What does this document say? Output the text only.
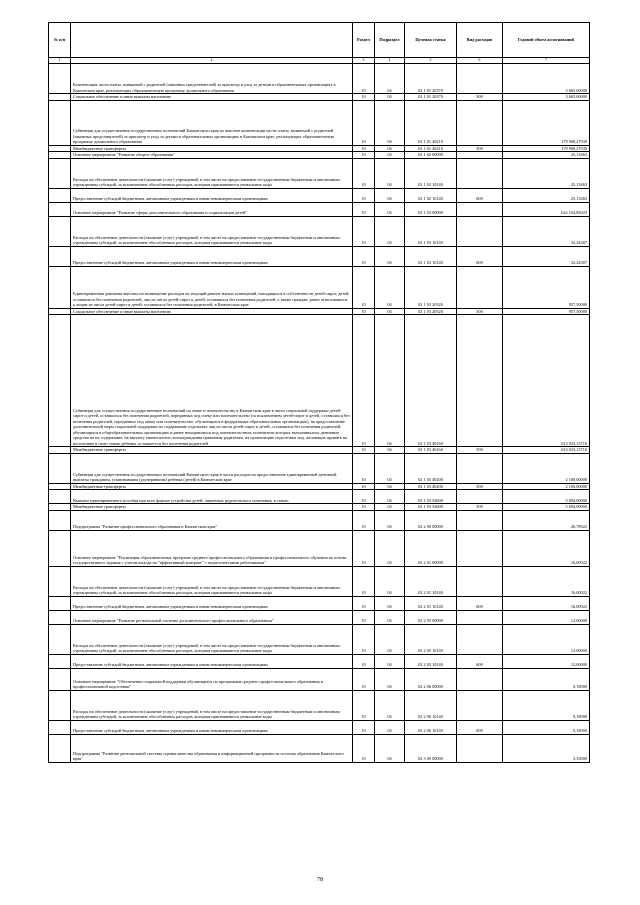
№ п/п		Раздел	Подраздел	Целевая статья	Вид расходов	Годовой объем ассигнований
1	2	3	4	5	6	7
	Компенсация части платы, взимаемой с родителей (законных представителей) за присмотр и уход за детьми в образовательных организациях в Камчатском крае, реализующих образовательную программу дошкольного образования	10	04	02 1 01 20370		3 665,60000
	Социальное обеспечение и иные выплаты населению	10	04	02 1 01 20370	300	3 665,60000
	Субвенции для осуществления государственных полномочий Камчатского края по выплате компенсации части платы, взимаемой с родителей (законных представителей) за присмотр и уход за детьми в образовательных организациях в Камчатском крае, реализующих образовательную программу дошкольного образования	10	04	02 1 01 40210		179 908,27939
	Межбюджетные трансферты	10	04	02 1 01 40210	500	179 908,27939
	Основное мероприятие "Развитие общего образования"	10	04	02 1 02 00000		25,13463
	Расходы на обеспечение деятельности (оказание услуг) учреждений, в том числе на предоставление государственным бюджетным и автономным учреждениям субсидий, за исключением обособленных расходов, которым присваиваются уникальные коды	10	04	02 1 02 10140		25,13463
	Предоставление субсидий бюджетным, автономным учреждениям и иным некоммерческим организациям	10	04	02 1 02 10140	600	25,13463
	Основное мероприятие "Развитие сферы дополнительного образования и социализации детей"	10	04	02 1 03 00000		622 104,85023
	Расходы на обеспечение деятельности (оказание услуг) учреждений, в том числе на предоставление государственным бюджетным и автономным учреждениям субсидий, за исключением обособленных расходов, которым присваиваются уникальные коды	10	04	02 1 03 10140		32,24307
	Предоставление субсидий бюджетным, автономным учреждениям и иным некоммерческим организациям	10	04	02 1 03 10140	600	32,24307
	Единовременная денежная выплата на возмещение расходов на текущий ремонт жилых помещений, находящихся в собственности детей-сирот, детей, оставшихся без попечения родителей, лиц из числа детей-сирот и детей, оставшихся без попечения родителей, а также граждан, ранее относившихся к лицам из числа детей-сирот и детей, оставшихся без попечения родителей, в Камчатском крае	10	04	02 1 03 20320		957,50000
	Социальное обеспечение и иные выплаты населению	10	04	02 1 03 20320	300	957,50000
	Субвенции для осуществления государственных полномочий по опеке и попечительству в Камчатском крае в части социальной поддержки детей-сирот и детей, оставшихся без попечения родителей, переданных под опеку или попечительство (за исключением детей-сирот и детей, оставшихся без попечения родителей, переданных под опеку или попечительство, обучающихся в федеральных образовательных организациях), на предоставление дополнительной меры социальной поддержки по содержанию отдельных лиц из числа детей-сирот и детей, оставшихся без попечения родителей, обучающихся в общеобразовательных организациях и ранее находившихся под попечительством, попечители которых выплачивались денежные средства на их содержание, на выплату ежемесячного вознаграждения приемным родителям, на организацию подготовки лиц, желающих принять на воспитание в свою семью ребенка, оставшегося без попечения родителей	10	04	02 1 03 40160		613 923,13716
	Межбюджетные трансферты	10	04	02 1 03 40160	500	613 923,13716
	Субвенции для осуществления государственных полномочий Камчатского края в части расходов на предоставление единовременной денежной выплаты гражданам, усыновившим (удочерившим) ребенка (детей) в Камчатском крае	10	04	02 1 03 40200		2 100,00000
	Межбюджетные трансферты	10	04	02 1 03 40200	500	2 100,00000
	Выплата единовременного пособия при всех формах устройства детей, лишенных родительского попечения, в семью	10	04	02 1 03 52600		5 094,00000
	Межбюджетные трансферты	10	04	02 1 03 52600	500	5 094,00000
	Подпрограмма "Развитие профессионального образования в Камчатском крае"	10	04	02 2 00 00000		26,78922
	Основное мероприятие "Реализация образовательных программ среднего профессионального образования и профессионального обучения на основе государственного задания с учетом выхода на "эффективный контракт" с педагогическими работниками"	10	04	02 2 01 00000		16,00922
	Расходы на обеспечение деятельности (оказание услуг) учреждений, в том числе на предоставление государственным бюджетным и автономным учреждениям субсидий, за исключением обособленных расходов, которым присваиваются уникальные коды	10	04	02 2 01 10140		16,00922
	Предоставление субсидий бюджетным, автономным учреждениям и иным некоммерческим организациям	10	04	02 2 01 10140	600	16,00922
	Основное мероприятие "Развитие региональной системы дополнительного профессионального образования"	10	04	02 2 05 00000		12,60000
	Расходы на обеспечение деятельности (оказание услуг) учреждений, в том числе на предоставление государственным бюджетным и автономным учреждениям субсидий, за исключением обособленных расходов, которым присваиваются уникальные коды	10	04	02 2 05 10140		12,60000
	Предоставление субсидий бюджетным, автономным учреждениям и иным некоммерческим организациям	10	04	02 2 05 10140	600	12,60000
	Основное мероприятие "Обеспечение социальной поддержки обучающихся по программам среднего профессионального образования и профессиональной подготовки"	10	04	02 2 06 00000		0,18000
	Расходы на обеспечение деятельности (оказание услуг) учреждений, в том числе на предоставление государственным бюджетным и автономным учреждениям субсидий, за исключением обособленных расходов, которым присваиваются уникальные коды	10	04	02 2 06 10140		0,18000
	Предоставление субсидий бюджетным, автономным учреждениям и иным некоммерческим организациям	10	04	02 2 06 10140	600	0,18000
	Подпрограмма "Развитие региональной системы оценки качества образования и информационной прозрачности системы образования Камчатского края"	10	04	02 3 00 00000		3,33000
78
